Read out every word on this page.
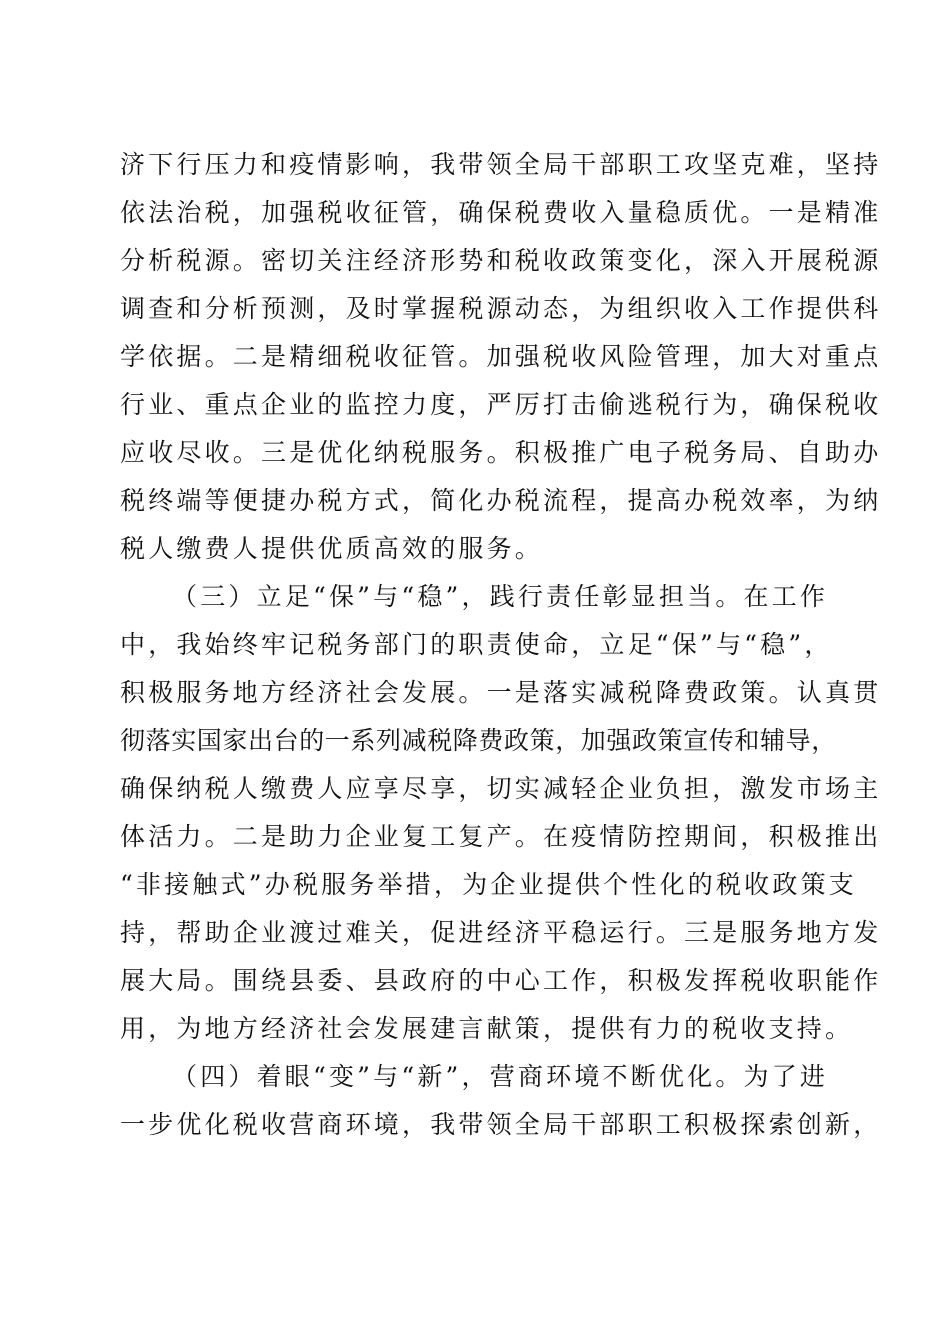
济下行压力和疫情影响，我带领全局干部职工攻坚克难，坚持
依法治税，加强税收征管，确保税费收入量稳质优。一是精准
分析税源。密切关注经济形势和税收政策变化，深入开展税源
调查和分析预测，及时掌握税源动态，为组织收入工作提供科
学依据。二是精细税收征管。加强税收风险管理，加大对重点
行业、重点企业的监控力度，严厉打击偷逃税行为，确保税收
应收尽收。三是优化纳税服务。积极推广电子税务局、自助办
税终端等便捷办税方式，简化办税流程，提高办税效率，为纳
税人缴费人提供优质高效的服务。
（三）立足“保”与“稳”，践行责任彰显担当。在工作
中，我始终牢记税务部门的职责使命，立足“保”与“稳”，
积极服务地方经济社会发展。一是落实减税降费政策。认真贯
彻落实国家出台的一系列减税降费政策，加强政策宣传和辅导，
确保纳税人缴费人应享尽享，切实减轻企业负担，激发市场主
体活力。二是助力企业复工复产。在疫情防控期间，积极推出
“非接触式”办税服务举措，为企业提供个性化的税收政策支
持，帮助企业渡过难关，促进经济平稳运行。三是服务地方发
展大局。围绕县委、县政府的中心工作，积极发挥税收职能作
用，为地方经济社会发展建言献策，提供有力的税收支持。
（四）着眼“变”与“新”，营商环境不断优化。为了进
一步优化税收营商环境，我带领全局干部职工积极探索创新，
